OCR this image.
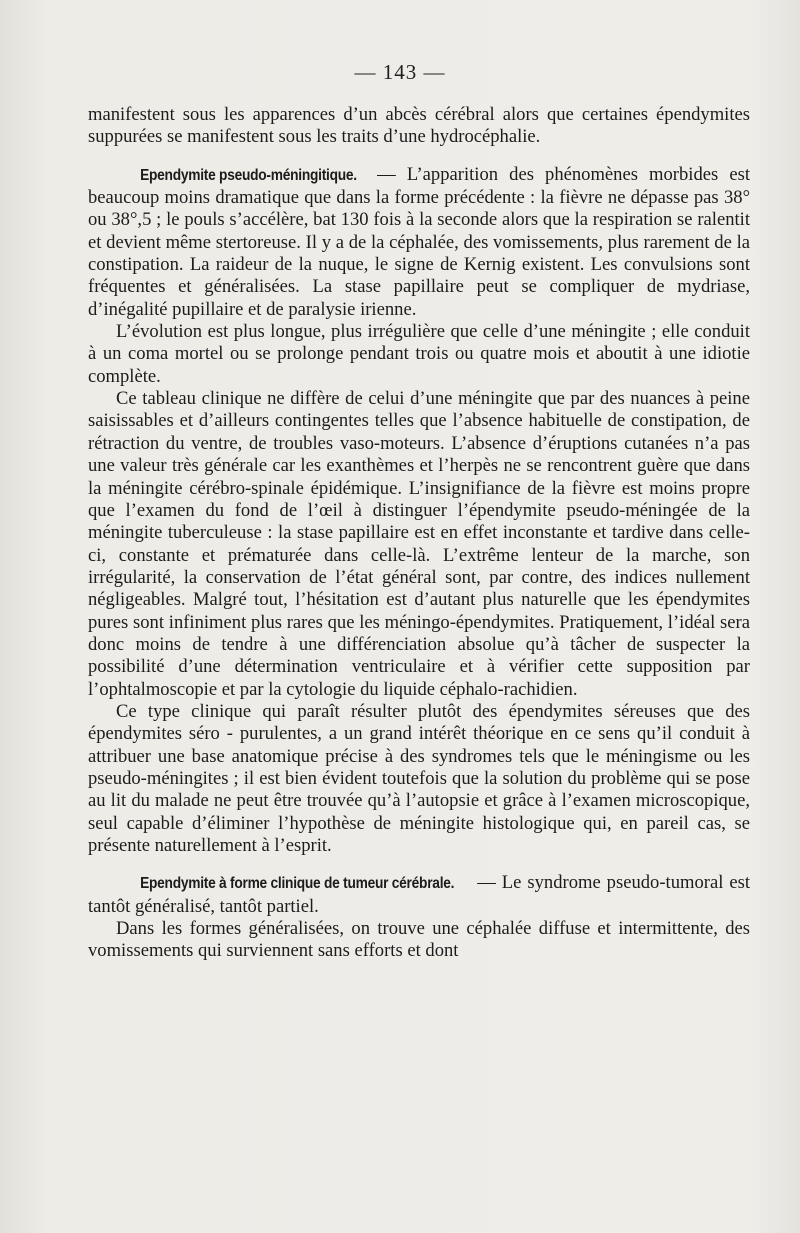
— 143 —

manifestent sous les apparences d’un abcès cérébral alors que certaines épendymites suppurées se manifestent sous les traits d’une hydrocéphalie.

Ependymite pseudo-méningitique. — L’apparition des phénomènes morbides est beaucoup moins dramatique que dans la forme précédente : la fièvre ne dépasse pas 38° ou 38°,5 ; le pouls s’accélère, bat 130 fois à la seconde alors que la respiration se ralentit et devient même stertoreuse. Il y a de la céphalée, des vomissements, plus rarement de la constipation. La raideur de la nuque, le signe de Kernig existent. Les convulsions sont fréquentes et généralisées. La stase papillaire peut se compliquer de mydriase, d’inégalité pupillaire et de paralysie irienne.

L’évolution est plus longue, plus irrégulière que celle d’une méningite ; elle conduit à un coma mortel ou se prolonge pendant trois ou quatre mois et aboutit à une idiotie complète.

Ce tableau clinique ne diffère de celui d’une méningite que par des nuances à peine saisissables et d’ailleurs contingentes telles que l’absence habituelle de constipation, de rétraction du ventre, de troubles vaso-moteurs. L’absence d’éruptions cutanées n’a pas une valeur très générale car les exanthèmes et l’herpès ne se rencontrent guère que dans la méningite cérébro-spinale épidémique. L’insignifiance de la fièvre est moins propre que l’examen du fond de l’œil à distinguer l’épendymite pseudo-méningée de la méningite tuberculeuse : la stase papillaire est en effet inconstante et tardive dans celle-ci, constante et prématurée dans celle-là. L’extrême lenteur de la marche, son irrégularité, la conservation de l’état général sont, par contre, des indices nullement négligeables. Malgré tout, l’hésitation est d’autant plus naturelle que les épendymites pures sont infiniment plus rares que les méningo-épendymites. Pratiquement, l’idéal sera donc moins de tendre à une différenciation absolue qu’à tâcher de suspecter la possibilité d’une détermination ventriculaire et à vérifier cette supposition par l’ophtalmoscopie et par la cytologie du liquide céphalo-rachidien.

Ce type clinique qui paraît résulter plutôt des épendymites séreuses que des épendymites séro - purulentes, a un grand intérêt théorique en ce sens qu’il conduit à attribuer une base anatomique précise à des syndromes tels que le méningisme ou les pseudo-méningites ; il est bien évident toutefois que la solution du problème qui se pose au lit du malade ne peut être trouvée qu’à l’autopsie et grâce à l’examen microscopique, seul capable d’éliminer l’hypothèse de méningite histologique qui, en pareil cas, se présente naturellement à l’esprit.

Ependymite à forme clinique de tumeur cérébrale. — Le syndrome pseudo-tumoral est tantôt généralisé, tantôt partiel.

Dans les formes généralisées, on trouve une céphalée diffuse et intermittente, des vomissements qui surviennent sans efforts et dont
